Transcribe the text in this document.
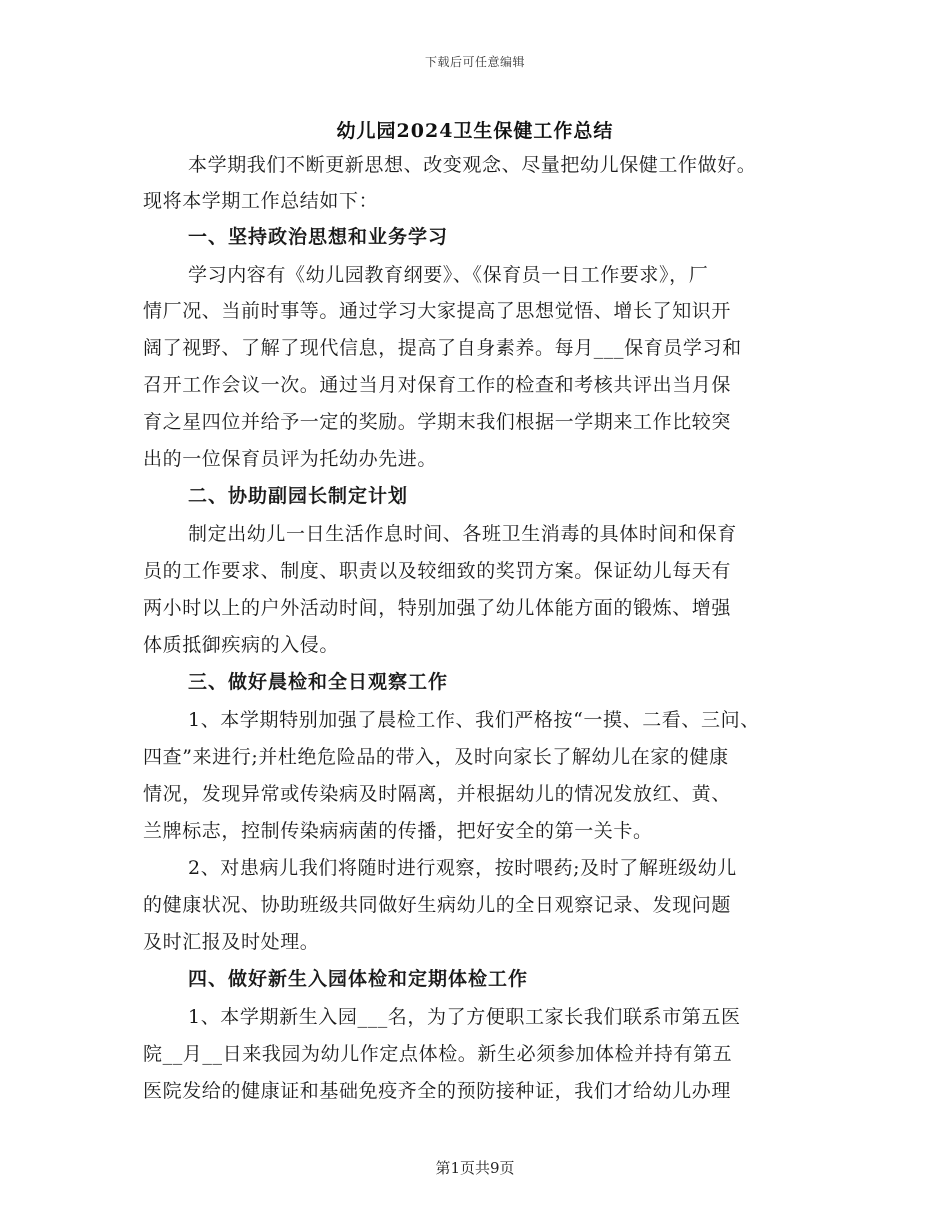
下载后可任意编辑
幼儿园2024卫生保健工作总结
本学期我们不断更新思想、改变观念、尽量把幼儿保健工作做好。
现将本学期工作总结如下：
一、坚持政治思想和业务学习
学习内容有《幼儿园教育纲要》、《保育员一日工作要求》，厂
情厂况、当前时事等。通过学习大家提高了思想觉悟、增长了知识开
阔了视野、了解了现代信息，提高了自身素养。每月___保育员学习和
召开工作会议一次。通过当月对保育工作的检查和考核共评出当月保
育之星四位并给予一定的奖励。学期末我们根据一学期来工作比较突
出的一位保育员评为托幼办先进。
二、协助副园长制定计划
制定出幼儿一日生活作息时间、各班卫生消毒的具体时间和保育
员的工作要求、制度、职责以及较细致的奖罚方案。保证幼儿每天有
两小时以上的户外活动时间，特别加强了幼儿体能方面的锻炼、增强
体质抵御疾病的入侵。
三、做好晨检和全日观察工作
1、本学期特别加强了晨检工作、我们严格按“一摸、二看、三问、
四查”来进行;并杜绝危险品的带入，及时向家长了解幼儿在家的健康
情况，发现异常或传染病及时隔离，并根据幼儿的情况发放红、黄、
兰牌标志，控制传染病病菌的传播，把好安全的第一关卡。
2、对患病儿我们将随时进行观察，按时喂药;及时了解班级幼儿
的健康状况、协助班级共同做好生病幼儿的全日观察记录、发现问题
及时汇报及时处理。
四、做好新生入园体检和定期体检工作
1、本学期新生入园___名，为了方便职工家长我们联系市第五医
院__月__日来我园为幼儿作定点体检。新生必须参加体检并持有第五
医院发给的健康证和基础免疫齐全的预防接种证，我们才给幼儿办理
第1页共9页
